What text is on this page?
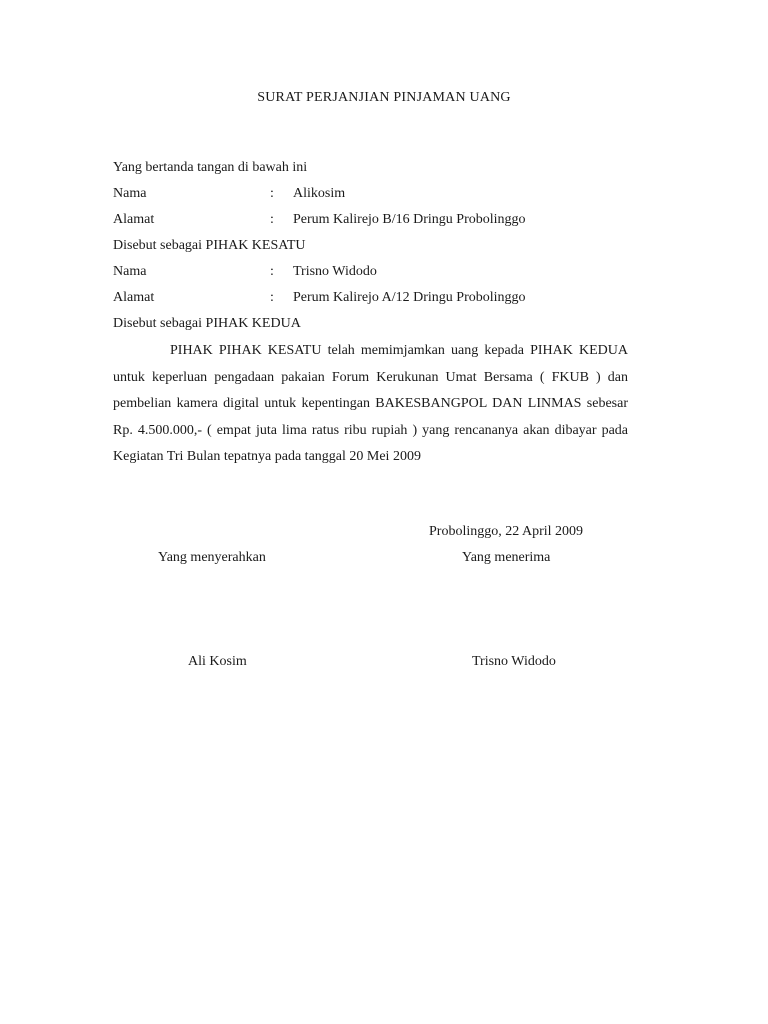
SURAT PERJANJIAN PINJAMAN UANG
Yang bertanda tangan di bawah ini
Nama	: Alikosim
Alamat	: Perum Kalirejo B/16 Dringu Probolinggo
Disebut sebagai PIHAK KESATU
Nama	: Trisno Widodo
Alamat	: Perum Kalirejo A/12 Dringu Probolinggo
Disebut sebagai PIHAK KEDUA
PIHAK PIHAK KESATU telah memimjamkan uang kepada PIHAK KEDUA untuk keperluan pengadaan pakaian Forum Kerukunan Umat Bersama ( FKUB ) dan pembelian kamera digital untuk kepentingan BAKESBANGPOL DAN LINMAS sebesar Rp. 4.500.000,- ( empat juta lima ratus ribu rupiah ) yang rencananya akan dibayar pada Kegiatan Tri Bulan tepatnya pada tanggal 20 Mei 2009
Probolinggo, 22 April 2009
Yang menyerahkan	Yang menerima
Ali Kosim	Trisno Widodo
